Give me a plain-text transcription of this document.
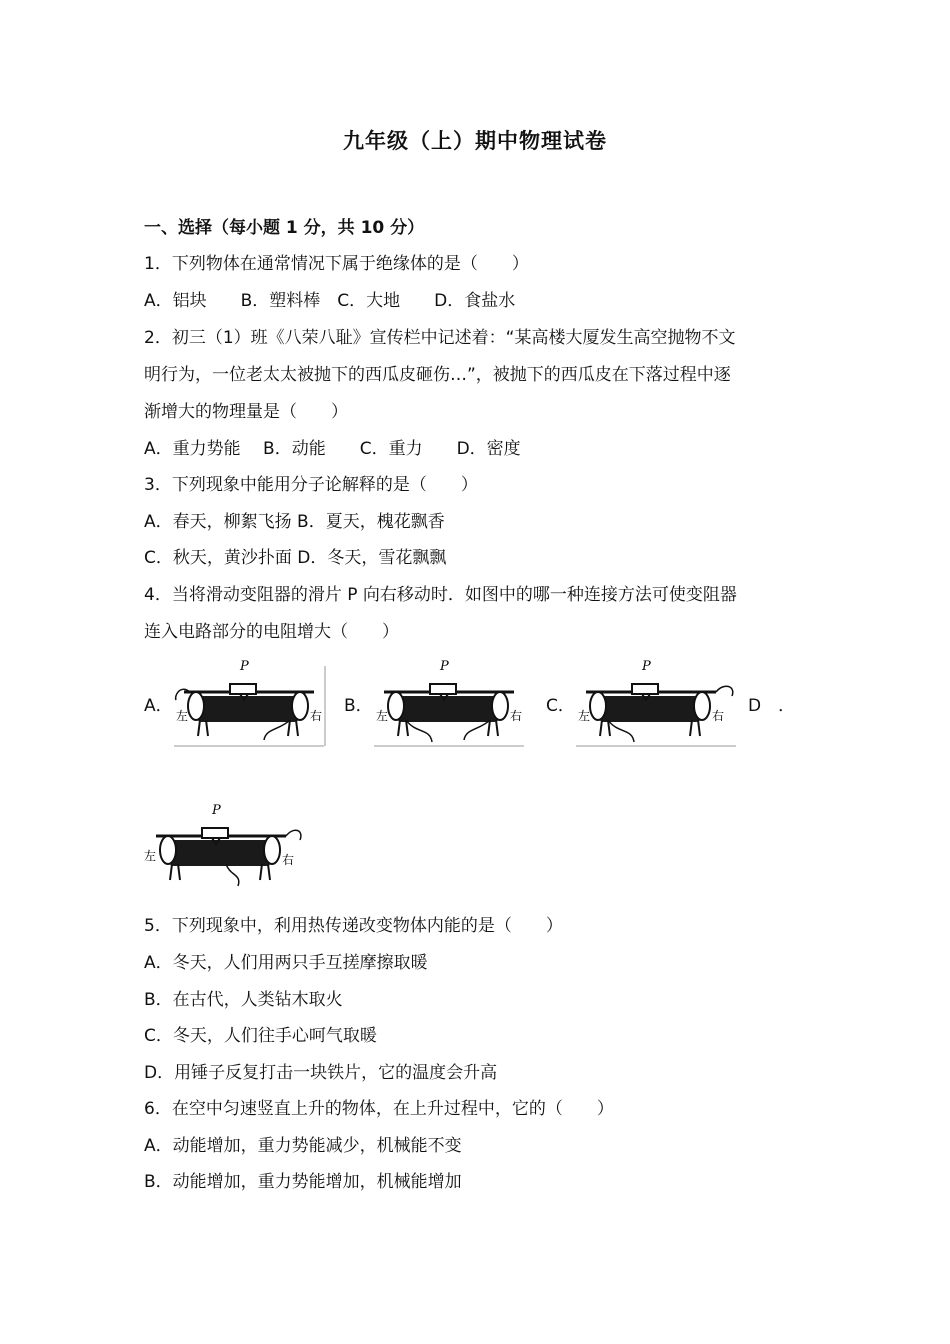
九年级（上）期中物理试卷
一、选择（每小题 1 分，共 10 分）
1．下列物体在通常情况下属于绝缘体的是（　　）
A．铝块　　B．塑料棒　C．大地　　D．食盐水
2．初三（1）班《八荣八耻》宣传栏中记述着：“某高楼大厦发生高空抛物不文
明行为，一位老太太被抛下的西瓜皮砸伤…”，被抛下的西瓜皮在下落过程中逐
渐增大的物理量是（　　）
A．重力势能　 B．动能　　C．重力　　D．密度
3．下列现象中能用分子论解释的是（　　）
A．春天，柳絮飞扬 B．夏天，槐花飘香
C．秋天，黄沙扑面 D．冬天，雪花飘飘
4．当将滑动变阻器的滑片 P 向右移动时．如图中的哪一种连接方法可使变阻器
连入电路部分的电阻增大（　　）
A．	B．	C．	D　．
P
左	右
P
左	右
P
左	右
P
左	右
5．下列现象中，利用热传递改变物体内能的是（　　）
A．冬天，人们用两只手互搓摩擦取暖
B．在古代，人类钻木取火
C．冬天，人们往手心呵气取暖
D．用锤子反复打击一块铁片，它的温度会升高
6．在空中匀速竖直上升的物体，在上升过程中，它的（　　）
A．动能增加，重力势能减少，机械能不变
B．动能增加，重力势能增加，机械能增加
